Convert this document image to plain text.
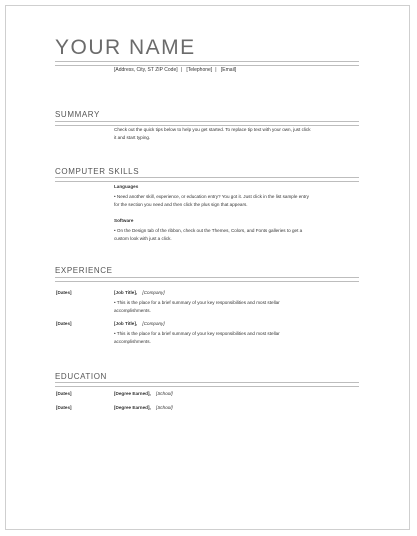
YOUR NAME
[Address, City, ST ZIP Code] | [Telephone] | [Email]
SUMMARY
Check out the quick tips below to help you get started. To replace tip text with your own, just click it and start typing.
COMPUTER SKILLS
Languages
• Need another skill, experience, or education entry? You got it. Just click in the list sample entry for the section you need and then click the plus sign that appears.
Software
• On the Design tab of the ribbon, check out the Themes, Colors, and Fonts galleries to get a custom look with just a click.
EXPERIENCE
[Dates]	[Job Title], [Company]
• This is the place for a brief summary of your key responsibilities and most stellar accomplishments.
[Dates]	[Job Title], [Company]
• This is the place for a brief summary of your key responsibilities and most stellar accomplishments.
EDUCATION
[Dates]	[Degree Earned], [School]
[Dates]	[Degree Earned], [School]
